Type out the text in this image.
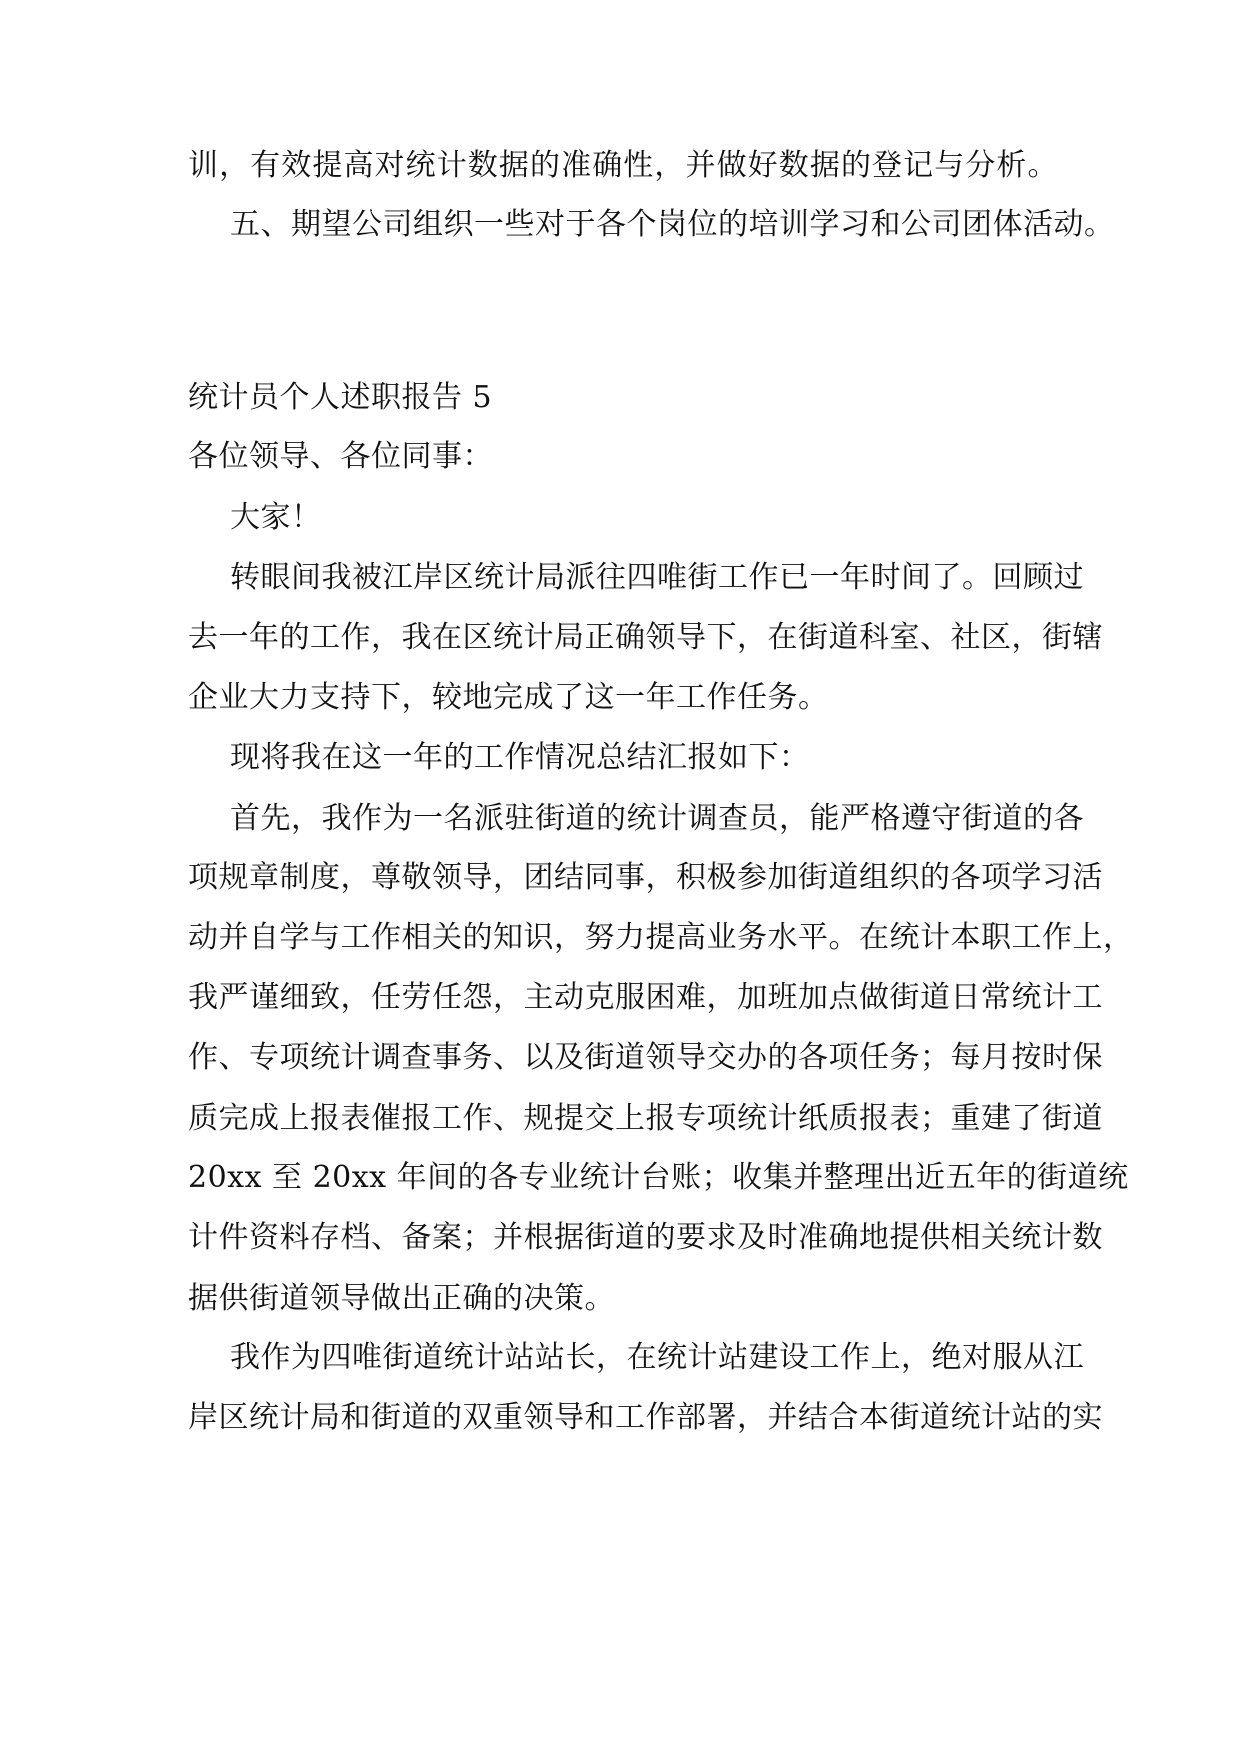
训，有效提高对统计数据的准确性，并做好数据的登记与分析。
五、期望公司组织一些对于各个岗位的培训学习和公司团体活动。
统计员个人述职报告 5
各位领导、各位同事：
大家！
转眼间我被江岸区统计局派往四唯街工作已一年时间了。回顾过
去一年的工作，我在区统计局正确领导下，在街道科室、社区，街辖
企业大力支持下，较地完成了这一年工作任务。
现将我在这一年的工作情况总结汇报如下：
首先，我作为一名派驻街道的统计调查员，能严格遵守街道的各
项规章制度，尊敬领导，团结同事，积极参加街道组织的各项学习活
动并自学与工作相关的知识，努力提高业务水平。在统计本职工作上，
我严谨细致，任劳任怨，主动克服困难，加班加点做街道日常统计工
作、专项统计调查事务、以及街道领导交办的各项任务；每月按时保
质完成上报表催报工作、规提交上报专项统计纸质报表；重建了街道
20xx 至 20xx 年间的各专业统计台账；收集并整理出近五年的街道统
计件资料存档、备案；并根据街道的要求及时准确地提供相关统计数
据供街道领导做出正确的决策。
我作为四唯街道统计站站长，在统计站建设工作上，绝对服从江
岸区统计局和街道的双重领导和工作部署，并结合本街道统计站的实
